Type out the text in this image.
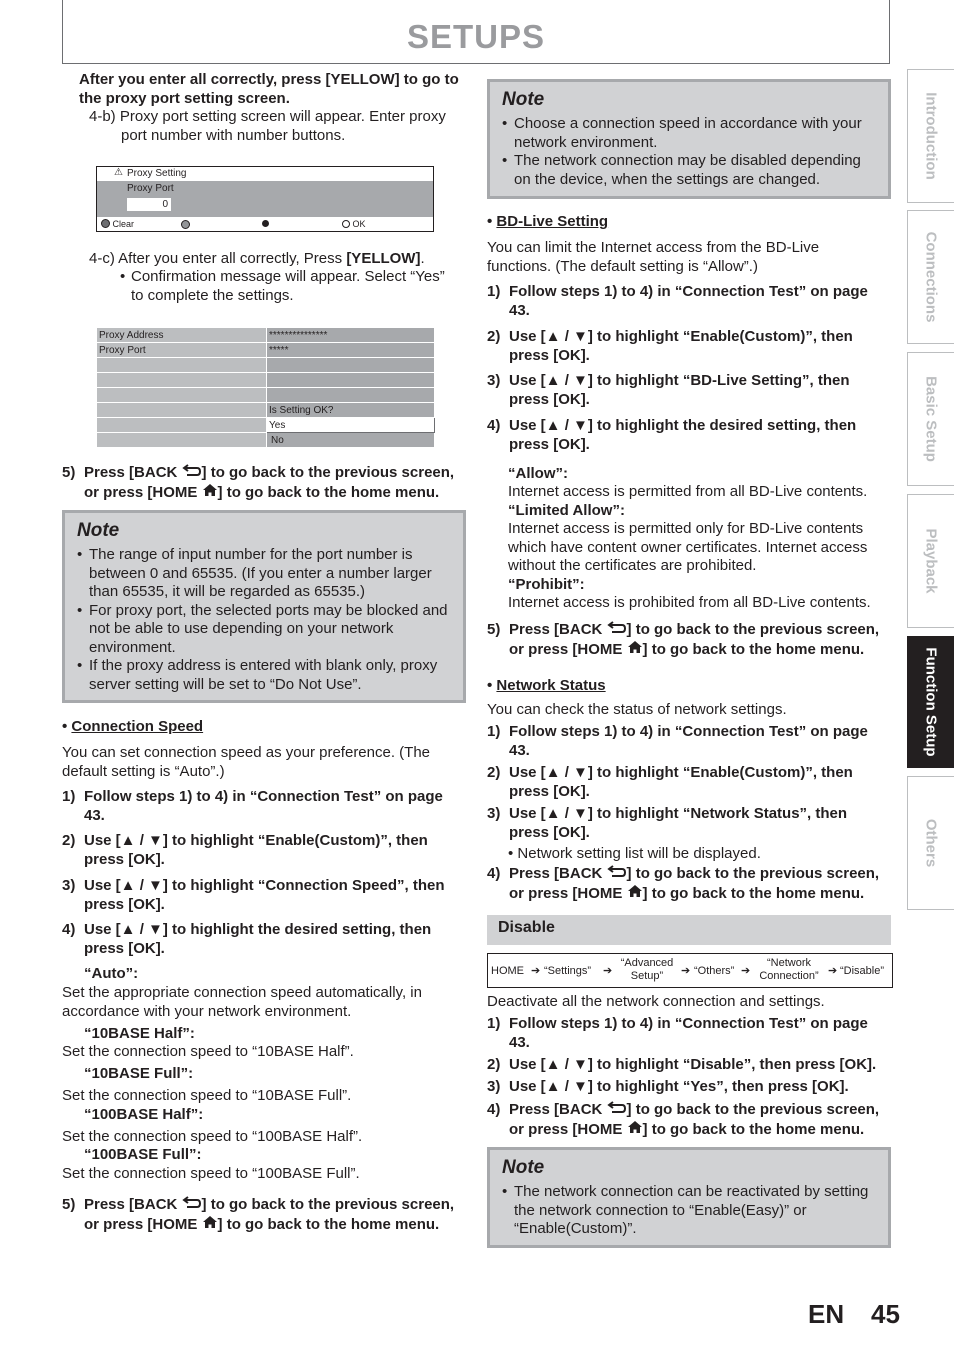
SETUPS
Introduction
Connections
Basic Setup
Playback
Function Setup
Others
After you enter all correctly, press [YELLOW] to go to the proxy port setting screen.
4-b) Proxy port setting screen will appear. Enter proxy port number with number buttons.
⚠ Proxy Setting
Proxy Port
0
Clear	OK
4-c) After you enter all correctly, Press [YELLOW].
• Confirmation message will appear. Select “Yes” to complete the settings.
Proxy Address	***************
Proxy Port	*****

	Is Setting OK?
	Yes
	No
5) Press [BACK ] to go back to the previous screen,
or press [HOME ] to go back to the home menu.
Note
• The range of input number for the port number is between 0 and 65535. (If you enter a number larger than 65535, it will be regarded as 65535.)
• For proxy port, the selected ports may be blocked and not be able to use depending on your network environment.
• If the proxy address is entered with blank only, proxy server setting will be set to “Do Not Use”.
• Connection Speed
You can set connection speed as your preference. (The default setting is “Auto”.)
1) Follow steps 1) to 4) in “Connection Test” on page 43.
2) Use [▲ / ▼] to highlight “Enable(Custom)”, then press [OK].
3) Use [▲ / ▼] to highlight “Connection Speed”, then press [OK].
4) Use [▲ / ▼] to highlight the desired setting, then press [OK].
“Auto”:
Set the appropriate connection speed automatically, in accordance with your network environment.
“10BASE Half”:
Set the connection speed to “10BASE Half”.
“10BASE Full”:
Set the connection speed to “10BASE Full”.
“100BASE Half”:
Set the connection speed to “100BASE Half”.
“100BASE Full”:
Set the connection speed to “100BASE Full”.
5) Press [BACK ] to go back to the previous screen,
or press [HOME ] to go back to the home menu.
Note
• Choose a connection speed in accordance with your network environment.
• The network connection may be disabled depending on the device, when the settings are changed.
• BD-Live Setting
You can limit the Internet access from the BD-Live functions. (The default setting is “Allow”.)
1) Follow steps 1) to 4) in “Connection Test” on page 43.
2) Use [▲ / ▼] to highlight “Enable(Custom)”, then press [OK].
3) Use [▲ / ▼] to highlight “BD-Live Setting”, then press [OK].
4) Use [▲ / ▼] to highlight the desired setting, then press [OK].
“Allow”:
Internet access is permitted from all BD-Live contents.
“Limited Allow”:
Internet access is permitted only for BD-Live contents which have content owner certificates. Internet access without the certificates are prohibited.
“Prohibit”:
Internet access is prohibited from all BD-Live contents.
5) Press [BACK ] to go back to the previous screen,
or press [HOME ] to go back to the home menu.
• Network Status
You can check the status of network settings.
1) Follow steps 1) to 4) in “Connection Test” on page 43.
2) Use [▲ / ▼] to highlight “Enable(Custom)”, then press [OK].
3) Use [▲ / ▼] to highlight “Network Status”, then press [OK].
• Network setting list will be displayed.
4) Press [BACK ] to go back to the previous screen,
or press [HOME ] to go back to the home menu.
Disable
HOME ➔ “Settings” ➔
“Advanced Setup”	➔ “Others” ➔
“Network Connection” ➔ “Disable”
Deactivate all the network connection and settings.
1) Follow steps 1) to 4) in “Connection Test” on page 43.
2) Use [▲ / ▼] to highlight “Disable”, then press [OK].
3) Use [▲ / ▼] to highlight “Yes”, then press [OK].
4) Press [BACK ] to go back to the previous screen,
or press [HOME ] to go back to the home menu.
Note
• The network connection can be reactivated by setting the network connection to “Enable(Easy)” or “Enable(Custom)”.
EN 45
